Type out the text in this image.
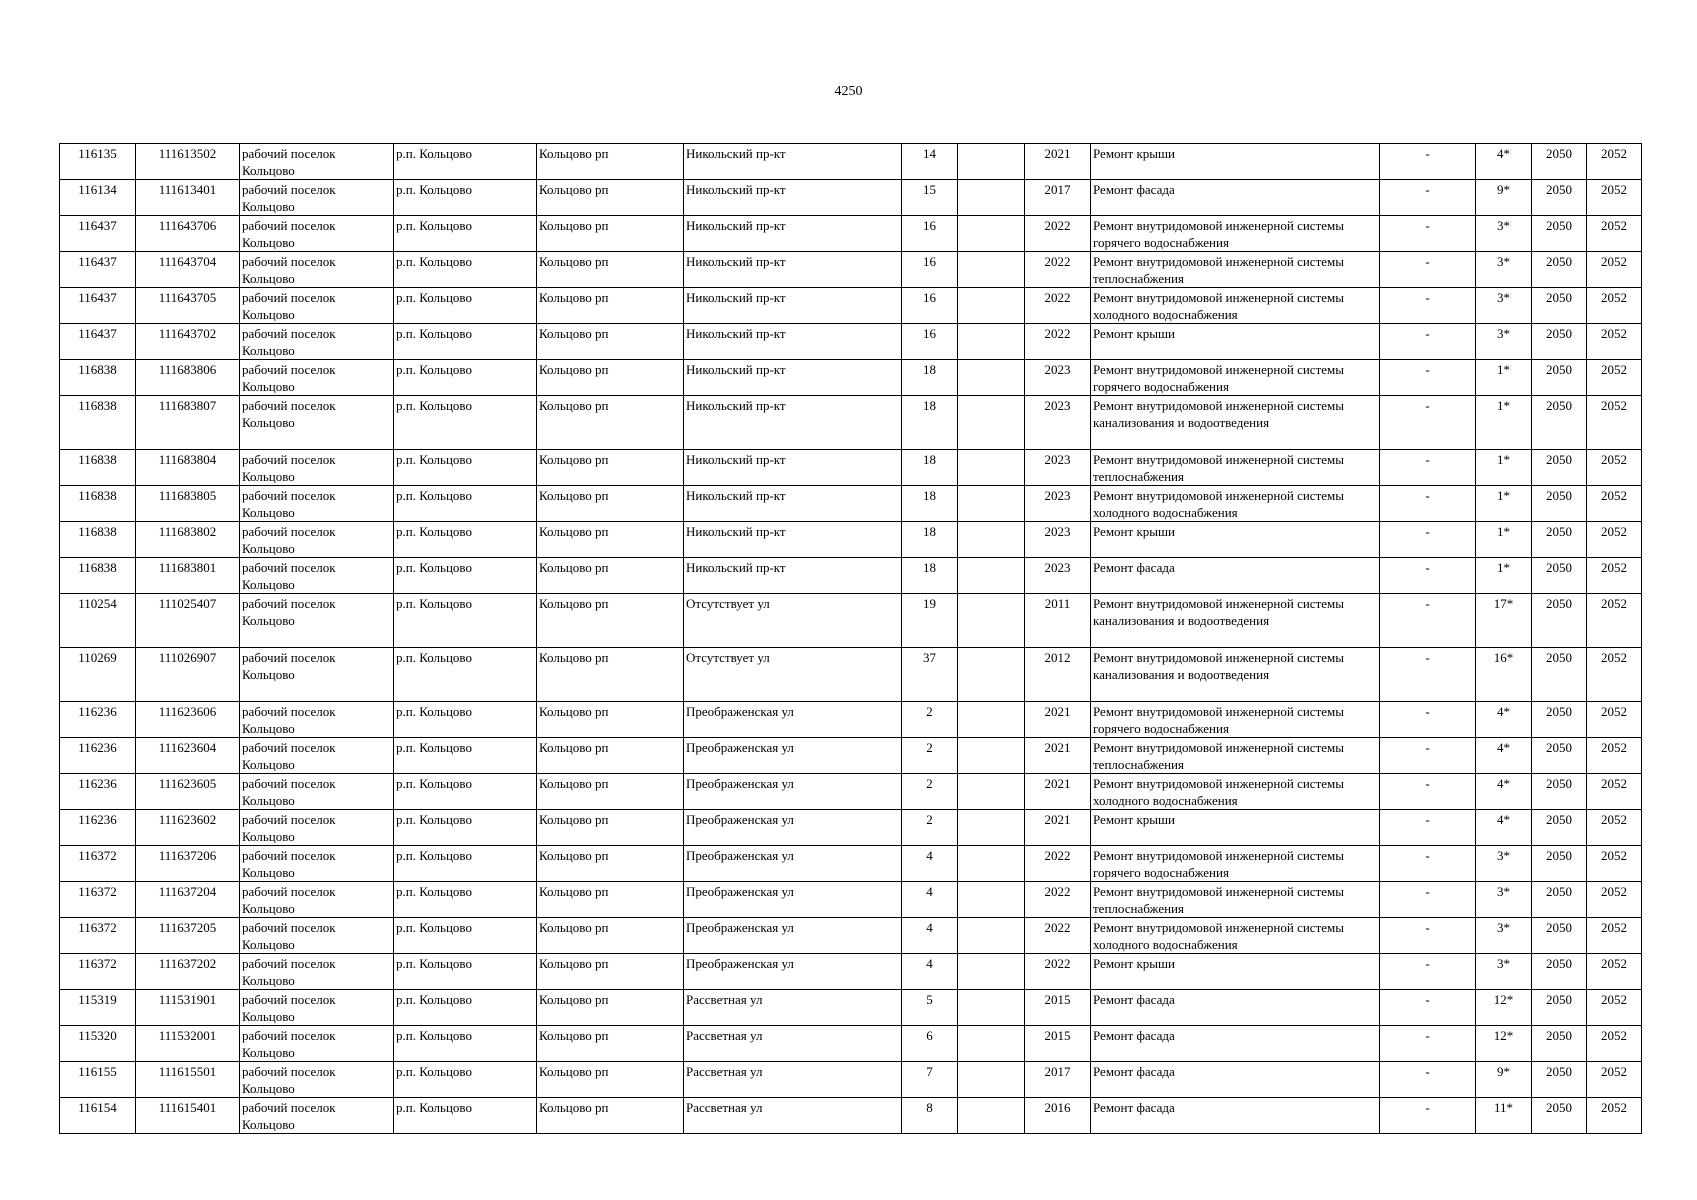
4250
116135	111613502	рабочий поселок Кольцово	р.п. Кольцово	Кольцово рп	Никольский пр-кт	14		2021	Ремонт крыши	-	4*	2050	2052
116134	111613401	рабочий поселок Кольцово	р.п. Кольцово	Кольцово рп	Никольский пр-кт	15		2017	Ремонт фасада	-	9*	2050	2052
116437	111643706	рабочий поселок Кольцово	р.п. Кольцово	Кольцово рп	Никольский пр-кт	16		2022	Ремонт внутридомовой инженерной системы горячего водоснабжения	-	3*	2050	2052
116437	111643704	рабочий поселок Кольцово	р.п. Кольцово	Кольцово рп	Никольский пр-кт	16		2022	Ремонт внутридомовой инженерной системы теплоснабжения	-	3*	2050	2052
116437	111643705	рабочий поселок Кольцово	р.п. Кольцово	Кольцово рп	Никольский пр-кт	16		2022	Ремонт внутридомовой инженерной системы холодного водоснабжения	-	3*	2050	2052
116437	111643702	рабочий поселок Кольцово	р.п. Кольцово	Кольцово рп	Никольский пр-кт	16		2022	Ремонт крыши	-	3*	2050	2052
116838	111683806	рабочий поселок Кольцово	р.п. Кольцово	Кольцово рп	Никольский пр-кт	18		2023	Ремонт внутридомовой инженерной системы горячего водоснабжения	-	1*	2050	2052
116838	111683807	рабочий поселок Кольцово	р.п. Кольцово	Кольцово рп	Никольский пр-кт	18		2023	Ремонт внутридомовой инженерной системы канализования и водоотведения	-	1*	2050	2052
116838	111683804	рабочий поселок Кольцово	р.п. Кольцово	Кольцово рп	Никольский пр-кт	18		2023	Ремонт внутридомовой инженерной системы теплоснабжения	-	1*	2050	2052
116838	111683805	рабочий поселок Кольцово	р.п. Кольцово	Кольцово рп	Никольский пр-кт	18		2023	Ремонт внутридомовой инженерной системы холодного водоснабжения	-	1*	2050	2052
116838	111683802	рабочий поселок Кольцово	р.п. Кольцово	Кольцово рп	Никольский пр-кт	18		2023	Ремонт крыши	-	1*	2050	2052
116838	111683801	рабочий поселок Кольцово	р.п. Кольцово	Кольцово рп	Никольский пр-кт	18		2023	Ремонт фасада	-	1*	2050	2052
110254	111025407	рабочий поселок Кольцово	р.п. Кольцово	Кольцово рп	Отсутствует ул	19		2011	Ремонт внутридомовой инженерной системы канализования и водоотведения	-	17*	2050	2052
110269	111026907	рабочий поселок Кольцово	р.п. Кольцово	Кольцово рп	Отсутствует ул	37		2012	Ремонт внутридомовой инженерной системы канализования и водоотведения	-	16*	2050	2052
116236	111623606	рабочий поселок Кольцово	р.п. Кольцово	Кольцово рп	Преображенская ул	2		2021	Ремонт внутридомовой инженерной системы горячего водоснабжения	-	4*	2050	2052
116236	111623604	рабочий поселок Кольцово	р.п. Кольцово	Кольцово рп	Преображенская ул	2		2021	Ремонт внутридомовой инженерной системы теплоснабжения	-	4*	2050	2052
116236	111623605	рабочий поселок Кольцово	р.п. Кольцово	Кольцово рп	Преображенская ул	2		2021	Ремонт внутридомовой инженерной системы холодного водоснабжения	-	4*	2050	2052
116236	111623602	рабочий поселок Кольцово	р.п. Кольцово	Кольцово рп	Преображенская ул	2		2021	Ремонт крыши	-	4*	2050	2052
116372	111637206	рабочий поселок Кольцово	р.п. Кольцово	Кольцово рп	Преображенская ул	4		2022	Ремонт внутридомовой инженерной системы горячего водоснабжения	-	3*	2050	2052
116372	111637204	рабочий поселок Кольцово	р.п. Кольцово	Кольцово рп	Преображенская ул	4		2022	Ремонт внутридомовой инженерной системы теплоснабжения	-	3*	2050	2052
116372	111637205	рабочий поселок Кольцово	р.п. Кольцово	Кольцово рп	Преображенская ул	4		2022	Ремонт внутридомовой инженерной системы холодного водоснабжения	-	3*	2050	2052
116372	111637202	рабочий поселок Кольцово	р.п. Кольцово	Кольцово рп	Преображенская ул	4		2022	Ремонт крыши	-	3*	2050	2052
115319	111531901	рабочий поселок Кольцово	р.п. Кольцово	Кольцово рп	Рассветная ул	5		2015	Ремонт фасада	-	12*	2050	2052
115320	111532001	рабочий поселок Кольцово	р.п. Кольцово	Кольцово рп	Рассветная ул	6		2015	Ремонт фасада	-	12*	2050	2052
116155	111615501	рабочий поселок Кольцово	р.п. Кольцово	Кольцово рп	Рассветная ул	7		2017	Ремонт фасада	-	9*	2050	2052
116154	111615401	рабочий поселок Кольцово	р.п. Кольцово	Кольцово рп	Рассветная ул	8		2016	Ремонт фасада	-	11*	2050	2052
